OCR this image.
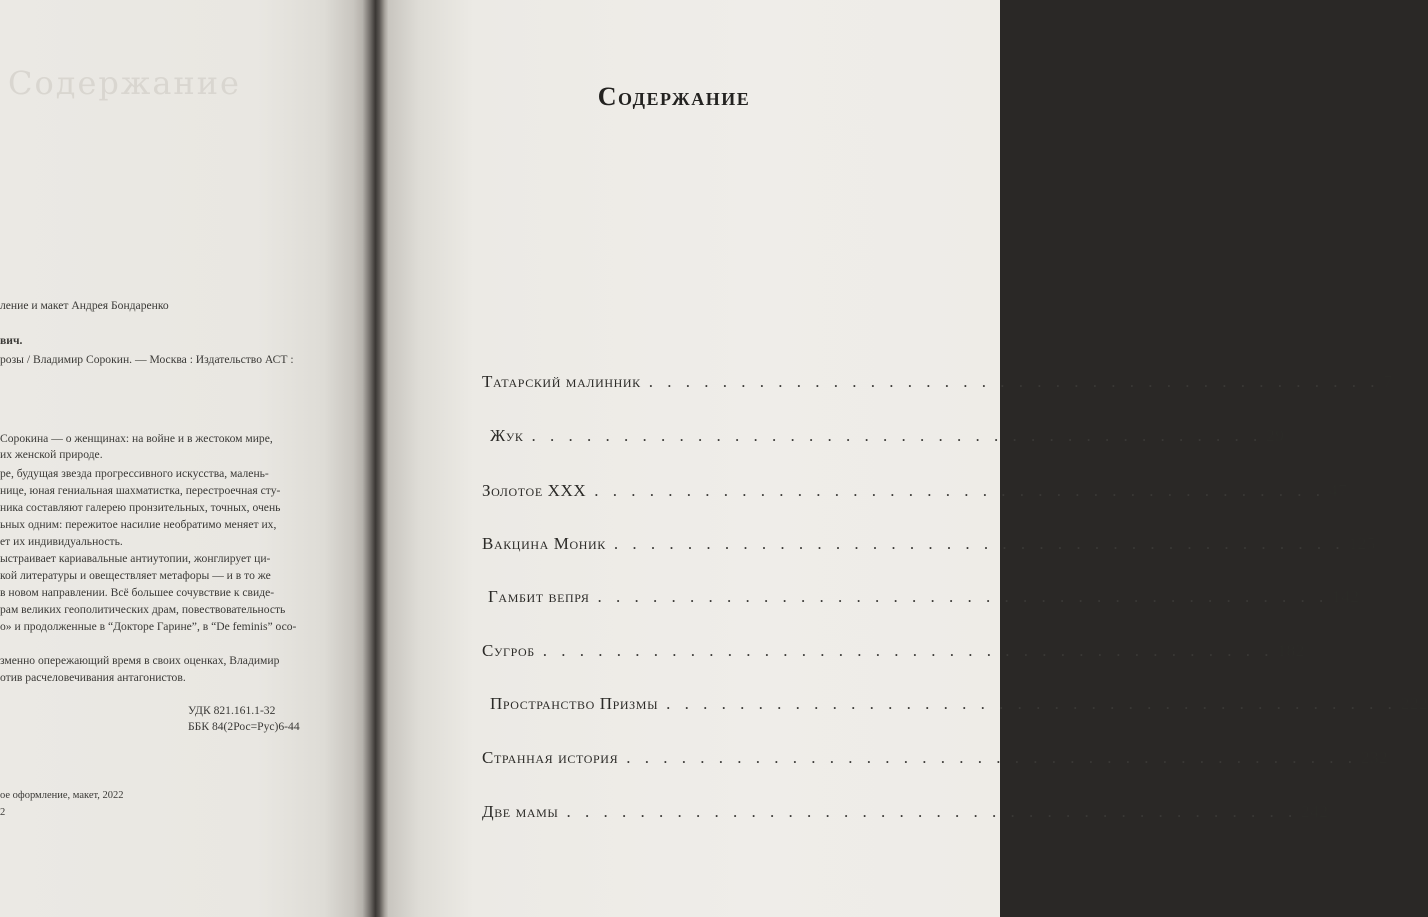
Содержание
ление и макет Андрея Бондаренко
вич.
розы / Владимир Сорокин. — Москва : Издательство АСТ :
Сорокина — о женщинах: на войне и в жестоком мире,
их женской природе.
ре, будущая звезда прогрессивного искусства, малень-
нице, юная гениальная шахматистка, перестроечная сту-
ника составляют галерею пронзительных, точных, очень
ьных одним: пережитое насилие необратимо меняет их,
ет их индивидуальность.
ыстраивает кариавальные антиутопии, жонглирует ци-
кой литературы и овеществляет метафоры — и в то же
в новом направлении. Всё большее сочувствие к свиде-
рам великих геополитических драм, повествовательность
о» и продолженные в “Докторе Гарине”, в “De feminis” осо-
зменно опережающий время в своих оценках, Владимир
отив расчеловечивания антагонистов.
УДК 821.161.1-32
ББК 84(2Рос=Рус)6-44
ое оформление, макет, 2022
2
Содержание
Татарский малинник . . . . . . . . . . . . . . . . . . . . . . . . . . . . . . . . . . . . . . . . 7
Жук . . . . . . . . . . . . . . . . . . . . . . . . . . . . . . . . . . . . . . . . 29
Золотое XXX . . . . . . . . . . . . . . . . . . . . . . . . . . . . . . . . . . . . . . . . 47
Вакцина Моник . . . . . . . . . . . . . . . . . . . . . . . . . . . . . . . . . . . . . . . . 125
Гамбит вепря . . . . . . . . . . . . . . . . . . . . . . . . . . . . . . . . . . . . . . . . 142
Сугроб . . . . . . . . . . . . . . . . . . . . . . . . . . . . . . . . . . . . . . . . 182
Пространство Призмы . . . . . . . . . . . . . . . . . . . . . . . . . . . . . . . . . . . . . . . . 222
Странная история . . . . . . . . . . . . . . . . . . . . . . . . . . . . . . . . . . . . . . . . 232
Две мамы . . . . . . . . . . . . . . . . . . . . . . . . . . . . . . . . . . . . . . . . 242
